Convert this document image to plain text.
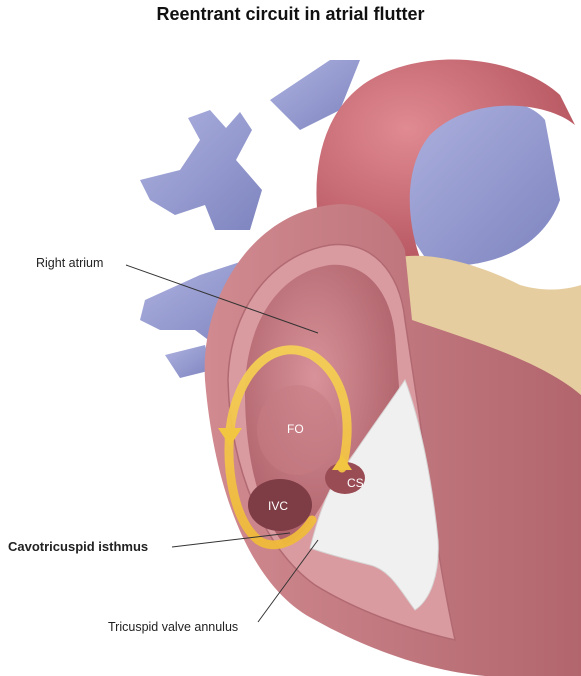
Reentrant circuit in atrial flutter
Right atrium
Cavotricuspid isthmus
Tricuspid valve annulus
FO
CS
IVC
